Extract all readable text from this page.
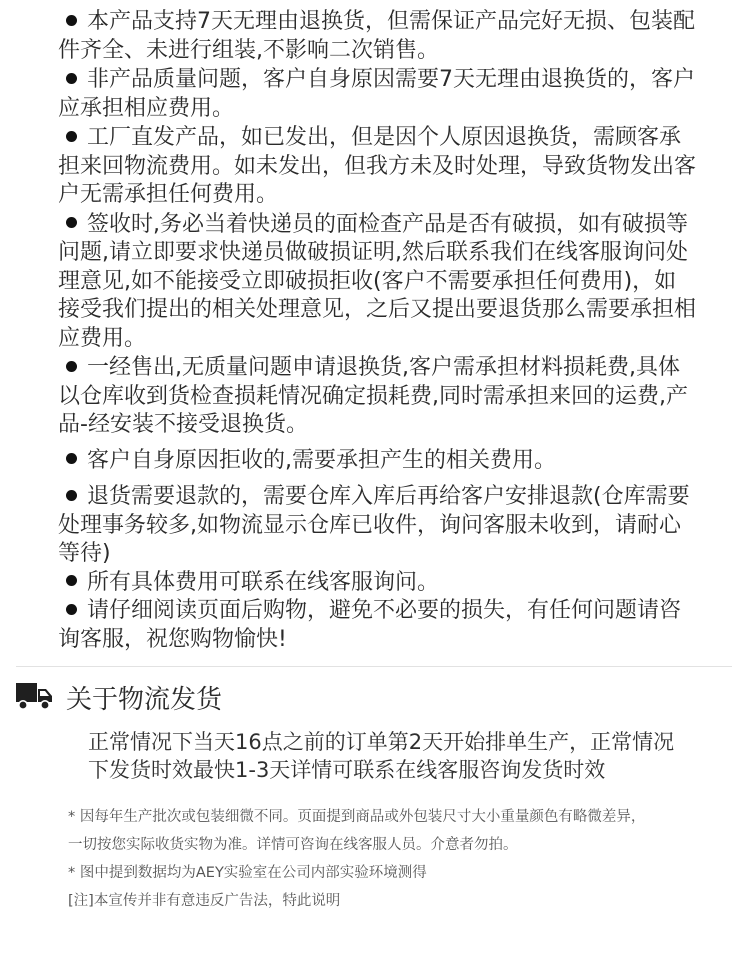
本产品支持7天无理由退换货，但需保证产品完好无损、包装配件齐全、未进行组装,不影响二次销售。
非产品质量问题，客户自身原因需要7天无理由退换货的，客户应承担相应费用。
工厂直发产品，如已发出，但是因个人原因退换货，需顾客承担来回物流费用。如未发出，但我方未及时处理，导致货物发出客户无需承担任何费用。
签收时,务必当着快递员的面检查产品是否有破损，如有破损等问题,请立即要求快递员做破损证明,然后联系我们在线客服询问处理意见,如不能接受立即破损拒收(客户不需要承担任何费用)，如接受我们提出的相关处理意见，之后又提出要退货那么需要承担相应费用。
一经售出,无质量问题申请退换货,客户需承担材料损耗费,具体以仓库收到货检查损耗情况确定损耗费,同时需承担来回的运费,产品-经安装不接受退换货。
客户自身原因拒收的,需要承担产生的相关费用。
退货需要退款的，需要仓库入库后再给客户安排退款(仓库需要处理事务较多,如物流显示仓库已收件，询问客服未收到，请耐心等待)
所有具体费用可联系在线客服询问。
请仔细阅读页面后购物，避免不必要的损失，有任何问题请咨询客服，祝您购物愉快!
关于物流发货

正常情况下当天16点之前的订单第2天开始排单生产，正常情况下发货时效最快1-3天详情可联系在线客服咨询发货时效

* 因每年生产批次或包装细微不同。页面提到商品或外包装尺寸大小重量颜色有略微差异，
一切按您实际收货实物为准。详情可咨询在线客服人员。介意者勿拍。
* 图中提到数据均为AEY实验室在公司内部实验环境测得
[注]本宣传并非有意违反广告法，特此说明
